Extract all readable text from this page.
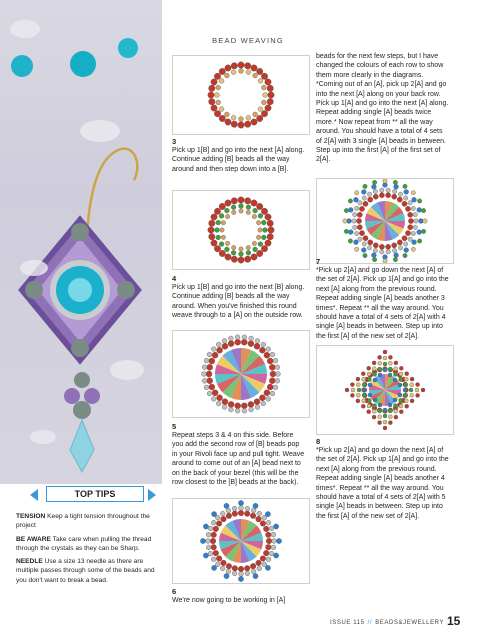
BEAD WEAVING
TOP TIPS

TENSION Keep a tight tension throughout the project

BE AWARE Take care when pulling the thread through the crystals as they can be Sharp.

NEEDLE Use a size 13 needle as there are multiple passes through some of the beads and you don't want to break a bead.

3
Pick up 1[B] and go into the next [A] along. Continue adding [B] beads all the way around and then step down into a [B].
4
Pick up 1[B] and go into the next [B] along. Continue adding [B] beads all the way around. When you've finished this round weave through to a [A] on the outside row.
5
Repeat steps 3 & 4 on this side. Before you add the second row of [B] beads pop in your Rivoli face up and pull tight. Weave around to come out of an [A] bead next to on the back of your bezel (this will be the row closest to the [B] beads at the back).
6
We're now going to be working in [A]
beads for the next few steps, but I have changed the colours of each row to show them more clearly in the diagrams. *Coming out of an [A], pick up 2[A] and go into the next [A] along on your back row. Pick up 1[A] and go into the next [A] along. Repeat adding single [A] beads twice more.* Now repeat from ** all the way around. You should have a total of 4 sets of 2[A] with 3 single [A] beads in between. Step up into the first [A] of the first set of 2[A].
7
*Pick up 2[A] and go down the next [A] of the set of 2[A]. Pick up 1[A] and go into the next [A] along from the previous round. Repeat adding single [A] beads another 3 times*. Repeat ** all the way around. You should have a total of 4 sets of 2[A] with 4 single [A] beads in between. Step up into the first [A] of the new set of 2[A].
8
*Pick up 2[A] and go down the next [A] of the set of 2[A]. Pick up 1[A] and go into the next [A] along from the previous round. Repeat adding single [A] beads another 4 times*. Repeat ** all the way around. You should have a total of 4 sets of 2[A] with 5 single [A] beads in between. Step up into the first [A] of the new set of 2[A].
ISSUE 115 // BEADS&JEWELLERY 15
